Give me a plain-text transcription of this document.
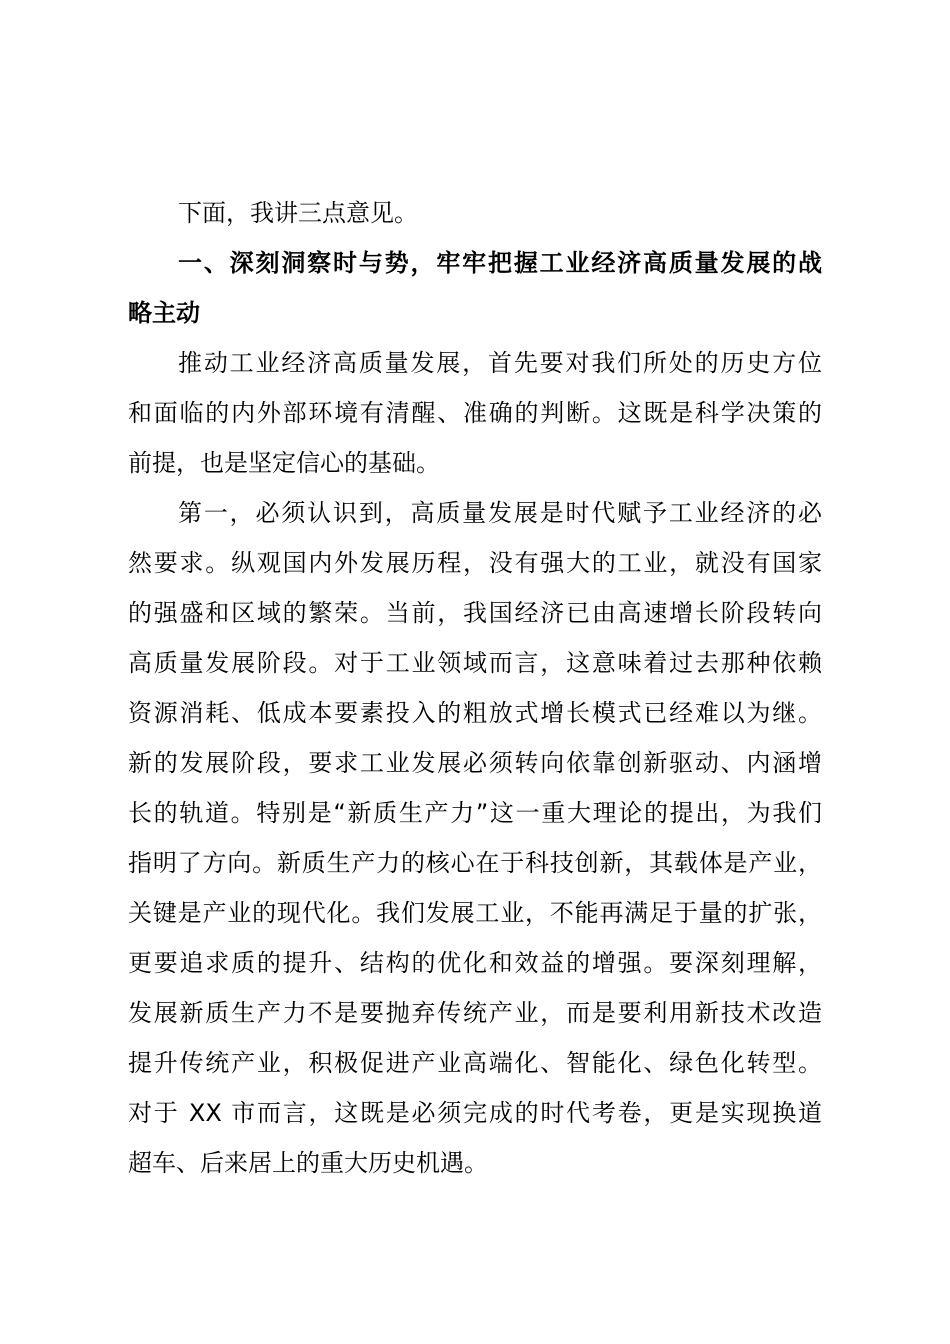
下面，我讲三点意见。
一、深刻洞察时与势，牢牢把握工业经济高质量发展的战
略主动
推动工业经济高质量发展，首先要对我们所处的历史方位
和面临的内外部环境有清醒、准确的判断。这既是科学决策的
前提，也是坚定信心的基础。
第一，必须认识到，高质量发展是时代赋予工业经济的必
然要求。纵观国内外发展历程，没有强大的工业，就没有国家
的强盛和区域的繁荣。当前，我国经济已由高速增长阶段转向
高质量发展阶段。对于工业领域而言，这意味着过去那种依赖
资源消耗、低成本要素投入的粗放式增长模式已经难以为继。
新的发展阶段，要求工业发展必须转向依靠创新驱动、内涵增
长的轨道。特别是“新质生产力”这一重大理论的提出，为我们
指明了方向。新质生产力的核心在于科技创新，其载体是产业，
关键是产业的现代化。我们发展工业，不能再满足于量的扩张，
更要追求质的提升、结构的优化和效益的增强。要深刻理解，
发展新质生产力不是要抛弃传统产业，而是要利用新技术改造
提升传统产业，积极促进产业高端化、智能化、绿色化转型。
对于 XX 市而言，这既是必须完成的时代考卷，更是实现换道
超车、后来居上的重大历史机遇。
